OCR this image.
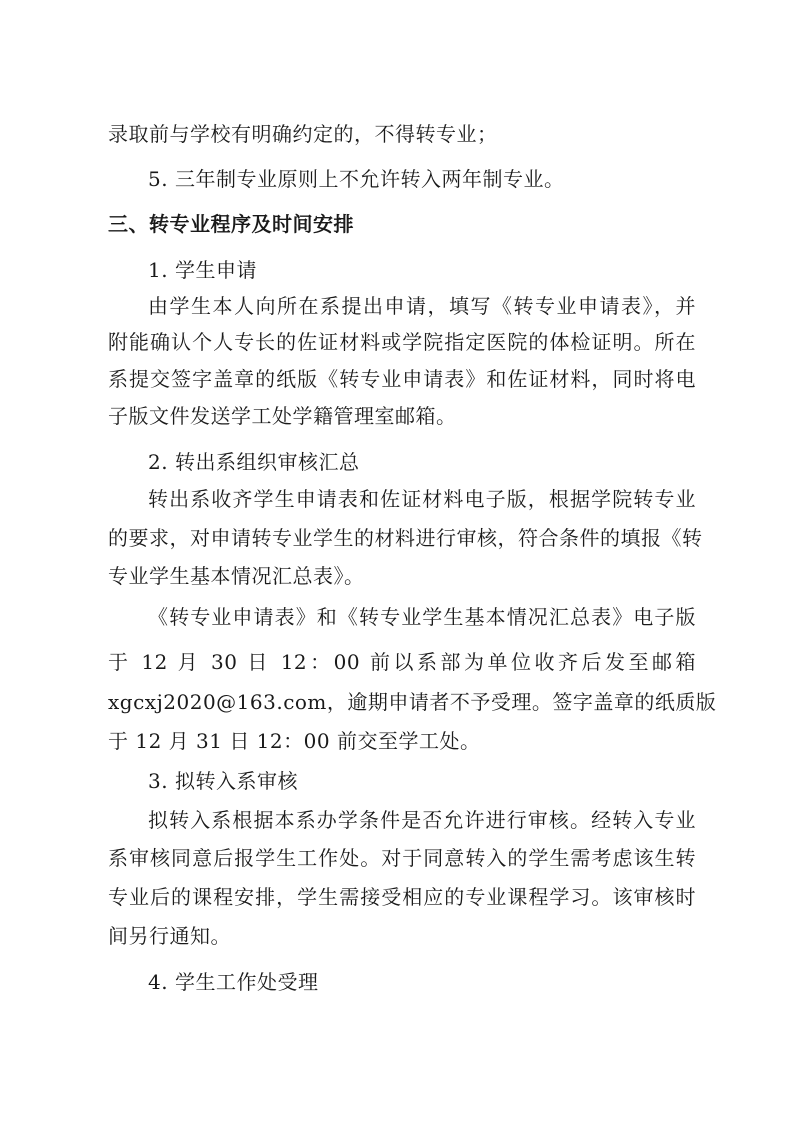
录取前与学校有明确约定的，不得转专业；
5. 三年制专业原则上不允许转入两年制专业。
三、转专业程序及时间安排
1. 学生申请
由学生本人向所在系提出申请，填写《转专业申请表》，并
附能确认个人专长的佐证材料或学院指定医院的体检证明。所在
系提交签字盖章的纸版《转专业申请表》和佐证材料，同时将电
子版文件发送学工处学籍管理室邮箱。
2. 转出系组织审核汇总
转出系收齐学生申请表和佐证材料电子版，根据学院转专业
的要求，对申请转专业学生的材料进行审核，符合条件的填报《转
专业学生基本情况汇总表》。
《转专业申请表》和《转专业学生基本情况汇总表》电子版
于 12 月 30 日 12：00 前以系部为单位收齐后发至邮箱
xgcxj2020@163.com，逾期申请者不予受理。签字盖章的纸质版
于 12 月 31 日 12：00 前交至学工处。
3. 拟转入系审核
拟转入系根据本系办学条件是否允许进行审核。经转入专业
系审核同意后报学生工作处。对于同意转入的学生需考虑该生转
专业后的课程安排，学生需接受相应的专业课程学习。该审核时
间另行通知。
4. 学生工作处受理
